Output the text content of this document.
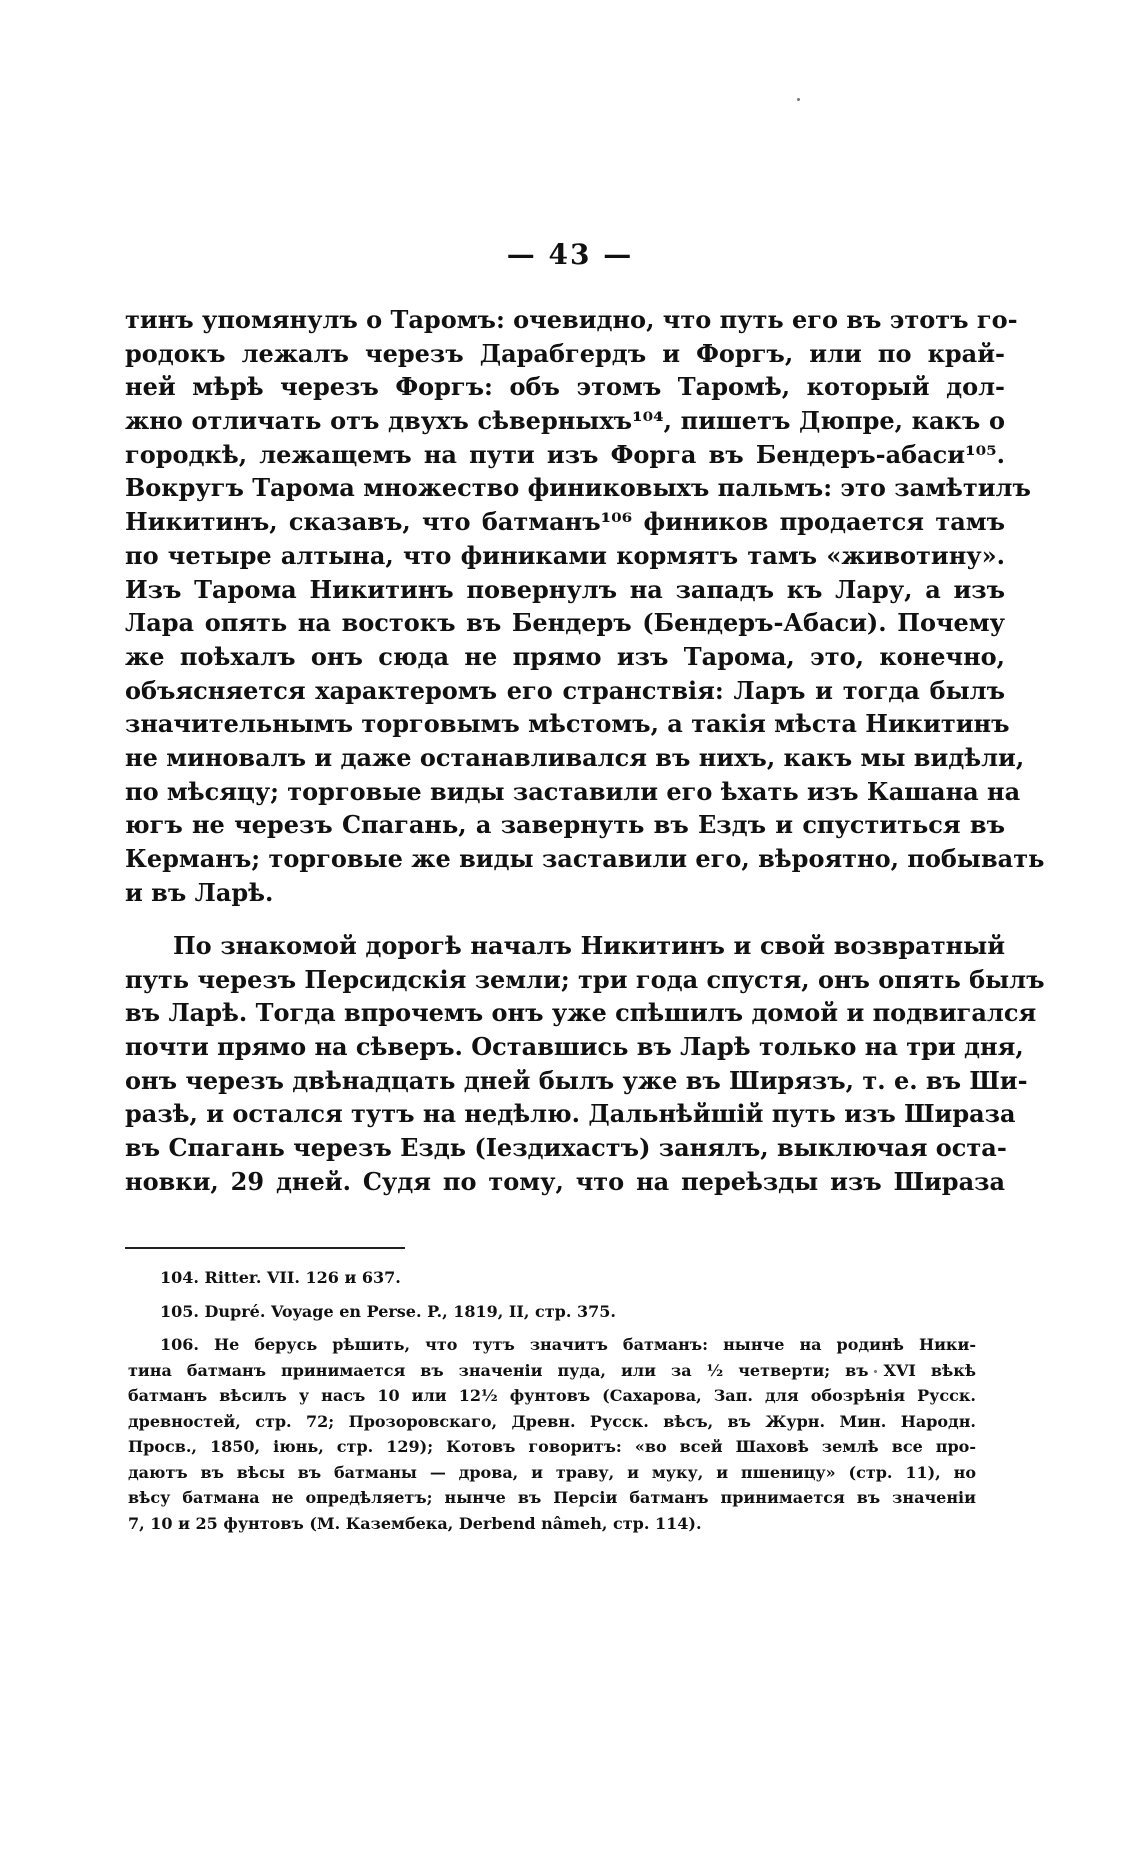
— 43 —
тинъ упомянулъ о Таромъ: очевидно, что путь его въ этотъ го-
родокъ лежалъ черезъ Дарабгердъ и Форгъ, или по край-
ней мѣрѣ черезъ Форгъ: объ этомъ Таромѣ, который дол-
жно отличать отъ двухъ сѣверныхъ¹⁰⁴, пишетъ Дюпре, какъ о
городкѣ, лежащемъ на пути изъ Форга въ Бендеръ-абаси¹⁰⁵.
Вокругъ Тарома множество финиковыхъ пальмъ: это замѣтилъ
Никитинъ, сказавъ, что батманъ¹⁰⁶ фиников продается тамъ
по четыре алтына, что финиками кормятъ тамъ «животину».
Изъ Тарома Никитинъ повернулъ на западъ къ Лару, а изъ
Лара опять на востокъ въ Бендеръ (Бендеръ-Абаси). Почему
же поѣхалъ онъ сюда не прямо изъ Тарома, это, конечно,
объясняется характеромъ его странствія: Ларъ и тогда былъ
значительнымъ торговымъ мѣстомъ, а такія мѣста Никитинъ
не миновалъ и даже останавливался въ нихъ, какъ мы видѣли,
по мѣсяцу; торговые виды заставили его ѣхать изъ Кашана на
югъ не черезъ Спагань, а завернуть въ Ездъ и спуститься въ
Керманъ; торговые же виды заставили его, вѣроятно, побывать
и въ Ларѣ.
По знакомой дорогѣ началъ Никитинъ и свой возвратный
путь черезъ Персидскія земли; три года спустя, онъ опять былъ
въ Ларѣ. Тогда впрочемъ онъ уже спѣшилъ домой и подвигался
почти прямо на сѣверъ. Оставшись въ Ларѣ только на три дня,
онъ черезъ двѣнадцать дней былъ уже въ Ширязъ, т. е. въ Ши-
разѣ, и остался тутъ на недѣлю. Дальнѣйшій путь изъ Шираза
въ Спагань черезъ Ездь (Іездихастъ) занялъ, выключая оста-
новки, 29 дней. Судя по тому, что на переѣзды изъ Шираза
104. Ritter. VII. 126 и 637.
105. Dupré. Voyage en Perse. P., 1819, II, стр. 375.
106. Не берусь рѣшить, что тутъ значитъ батманъ: нынче на родинѣ Ники-
тина батманъ принимается въ значеніи пуда, или за ½ четверти; въ XVI вѣкѣ
батманъ вѣсилъ у насъ 10 или 12½ фунтовъ (Сахарова, Зап. для обозрѣнія Русск.
древностей, стр. 72; Прозоровскаго, Древн. Русск. вѣсъ, въ Журн. Мин. Народн.
Просв., 1850, іюнь, стр. 129); Котовъ говоритъ: «во всей Шаховѣ землѣ все про-
даютъ въ вѣсы въ батманы — дрова, и траву, и муку, и пшеницу» (стр. 11), но
вѣсу батмана не опредѣляетъ; нынче въ Персіи батманъ принимается въ значеніи
7, 10 и 25 фунтовъ (M. Казембека, Derbend nâmeh, стр. 114).
